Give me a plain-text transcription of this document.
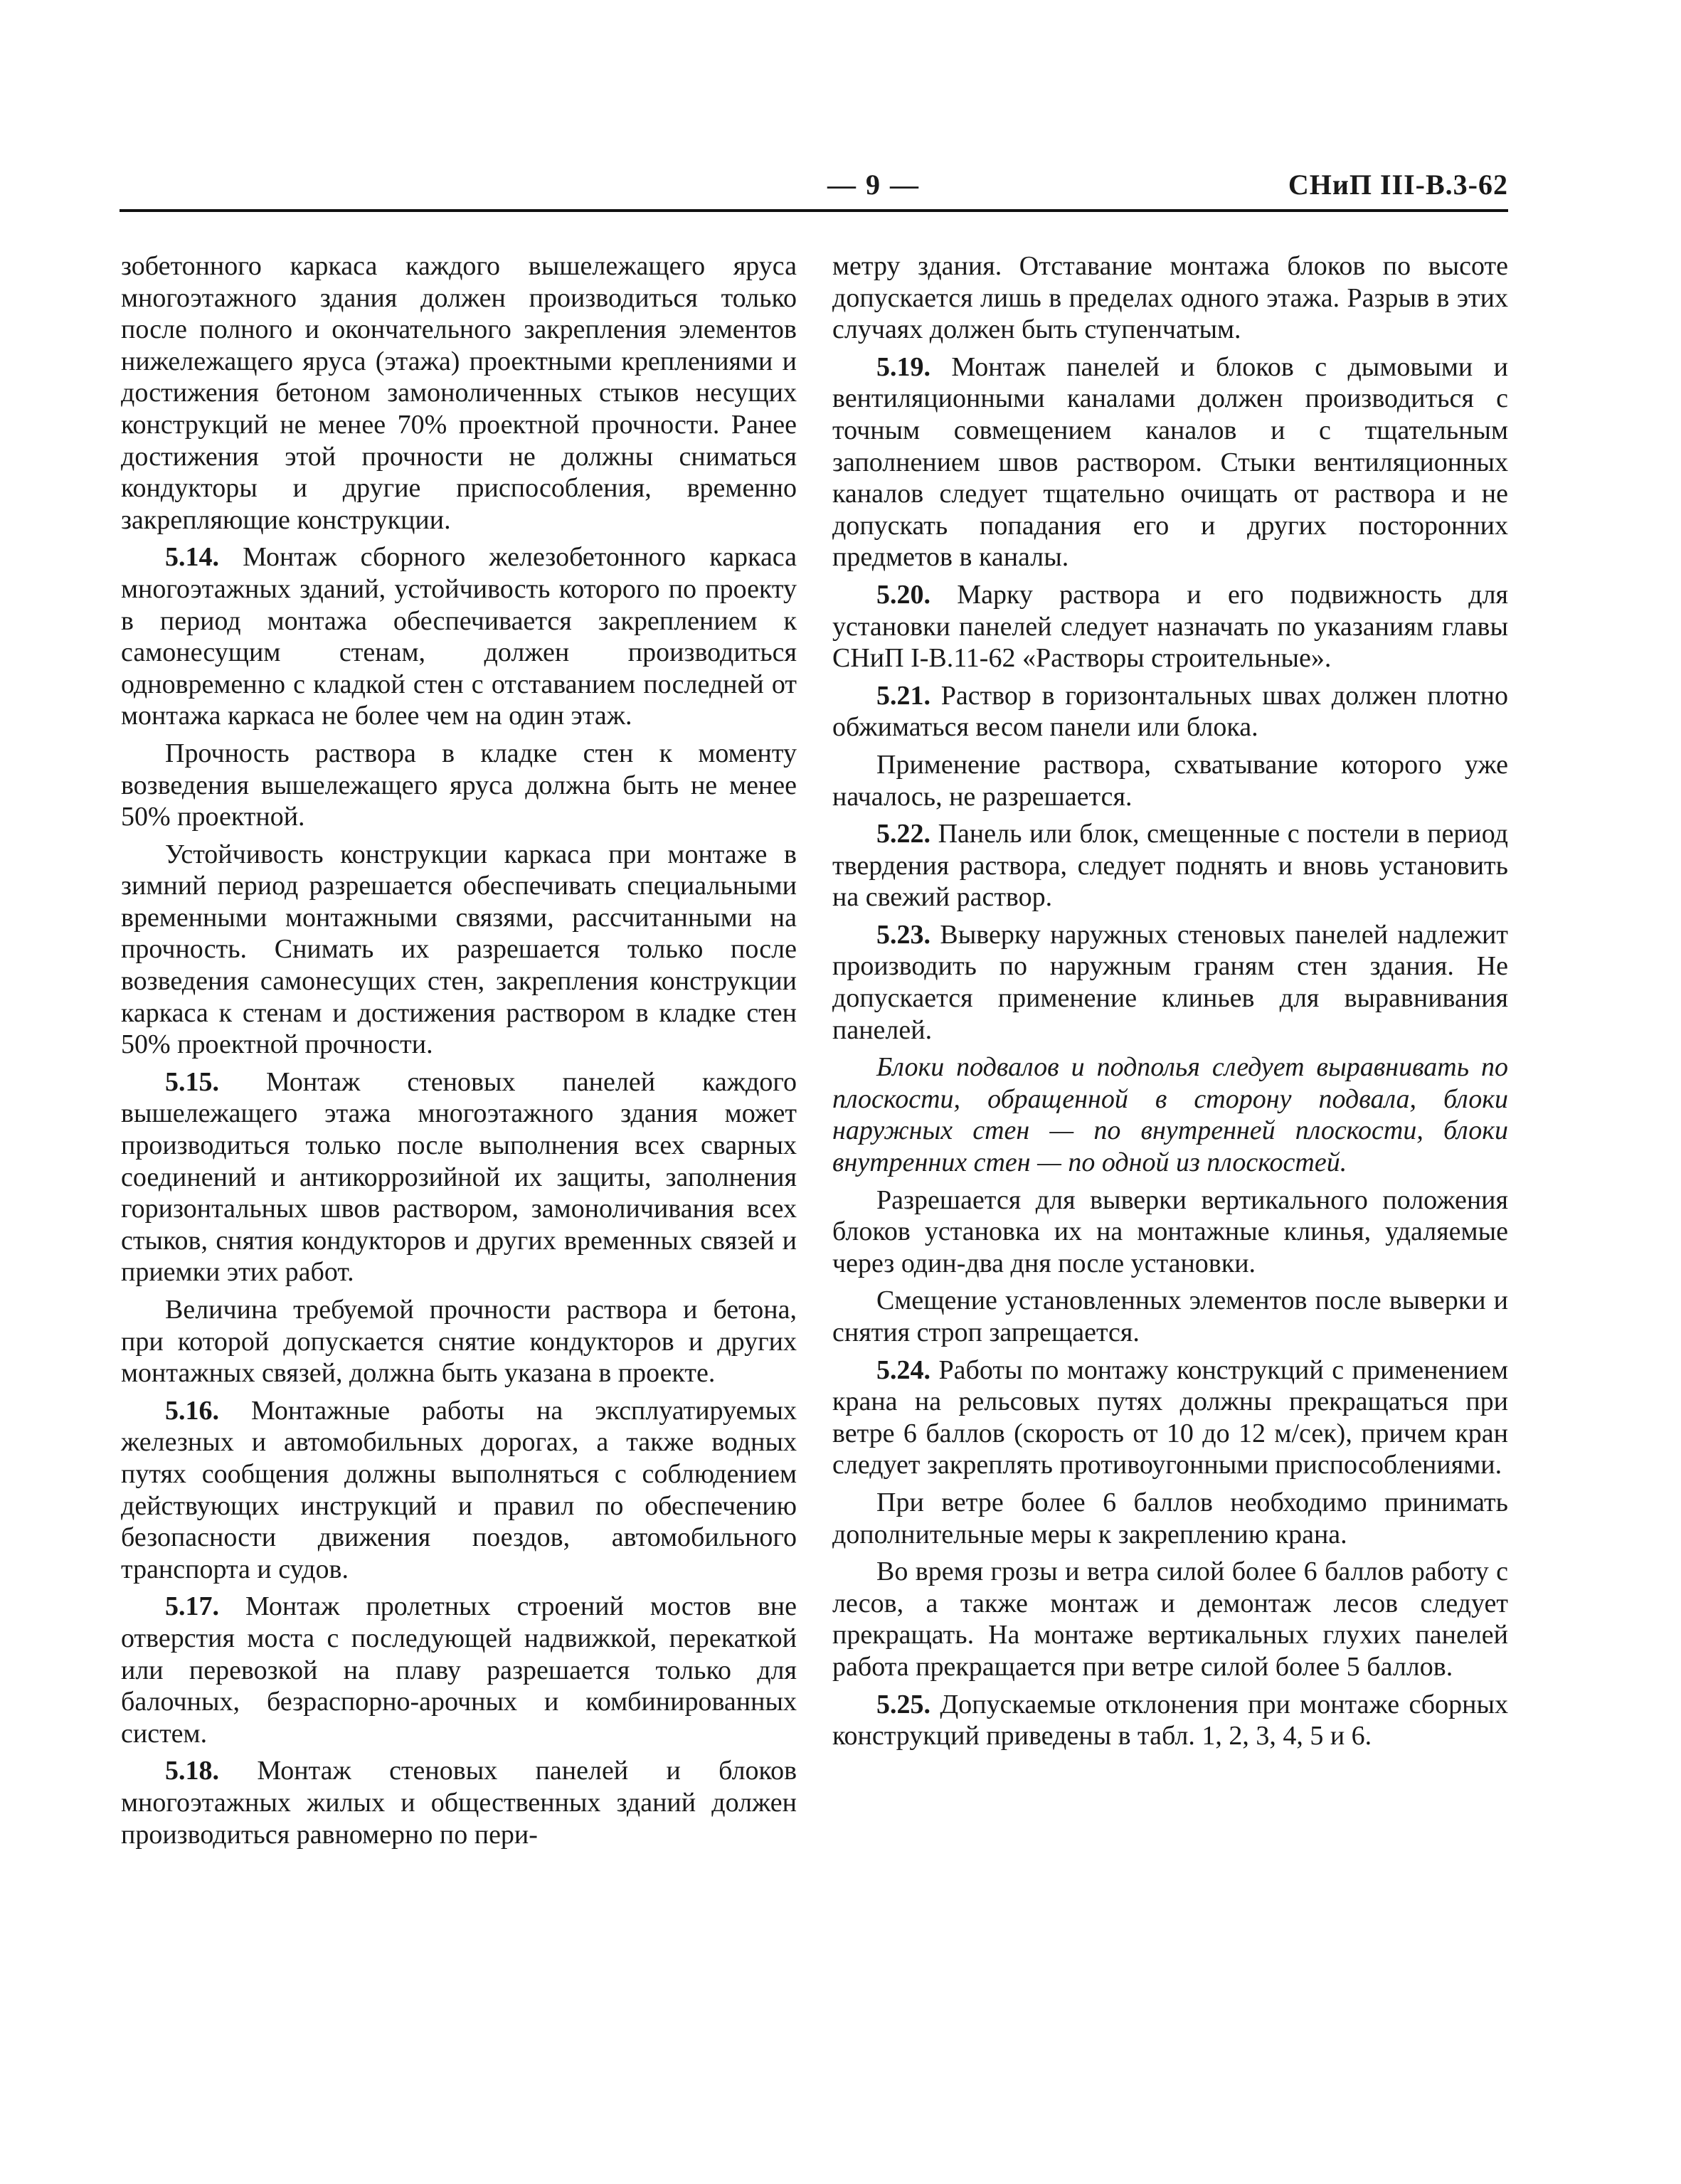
— 9 —	СНиП III-В.3-62

зобетонного каркаса каждого вышележащего яруса многоэтажного здания должен производиться только после полного и окончательного закрепления элементов нижележащего яруса (этажа) проектными креплениями и достижения бетоном замоноличенных стыков несущих конструкций не менее 70% проектной прочности. Ранее достижения этой прочности не должны сниматься кондукторы и другие приспособления, временно закрепляющие конструкции.

5.14. Монтаж сборного железобетонного каркаса многоэтажных зданий, устойчивость которого по проекту в период монтажа обеспечивается закреплением к самонесущим стенам, должен производиться одновременно с кладкой стен с отставанием последней от монтажа каркаса не более чем на один этаж.

Прочность раствора в кладке стен к моменту возведения вышележащего яруса должна быть не менее 50% проектной.

Устойчивость конструкции каркаса при монтаже в зимний период разрешается обеспечивать специальными временными монтажными связями, рассчитанными на прочность. Снимать их разрешается только после возведения самонесущих стен, закрепления конструкции каркаса к стенам и достижения раствором в кладке стен 50% проектной прочности.

5.15. Монтаж стеновых панелей каждого вышележащего этажа многоэтажного здания может производиться только после выполнения всех сварных соединений и антикоррозийной их защиты, заполнения горизонтальных швов раствором, замоноличивания всех стыков, снятия кондукторов и других временных связей и приемки этих работ.

Величина требуемой прочности раствора и бетона, при которой допускается снятие кондукторов и других монтажных связей, должна быть указана в проекте.

5.16. Монтажные работы на эксплуатируемых железных и автомобильных дорогах, а также водных путях сообщения должны выполняться с соблюдением действующих инструкций и правил по обеспечению безопасности движения поездов, автомобильного транспорта и судов.

5.17. Монтаж пролетных строений мостов вне отверстия моста с последующей надвижкой, перекаткой или перевозкой на плаву разрешается только для балочных, безраспорно-арочных и комбинированных систем.

5.18. Монтаж стеновых панелей и блоков многоэтажных жилых и общественных зданий должен производиться равномерно по пери-

метру здания. Отставание монтажа блоков по высоте допускается лишь в пределах одного этажа. Разрыв в этих случаях должен быть ступенчатым.

5.19. Монтаж панелей и блоков с дымовыми и вентиляционными каналами должен производиться с точным совмещением каналов и с тщательным заполнением швов раствором. Стыки вентиляционных каналов следует тщательно очищать от раствора и не допускать попадания его и других посторонних предметов в каналы.

5.20. Марку раствора и его подвижность для установки панелей следует назначать по указаниям главы СНиП I-В.11-62 «Растворы строительные».

5.21. Раствор в горизонтальных швах должен плотно обжиматься весом панели или блока.

Применение раствора, схватывание которого уже началось, не разрешается.

5.22. Панель или блок, смещенные с постели в период твердения раствора, следует поднять и вновь установить на свежий раствор.

5.23. Выверку наружных стеновых панелей надлежит производить по наружным граням стен здания. Не допускается применение клиньев для выравнивания панелей.

Блоки подвалов и подполья следует выравнивать по плоскости, обращенной в сторону подвала, блоки наружных стен — по внутренней плоскости, блоки внутренних стен — по одной из плоскостей.

Разрешается для выверки вертикального положения блоков установка их на монтажные клинья, удаляемые через один-два дня после установки.

Смещение установленных элементов после выверки и снятия строп запрещается.

5.24. Работы по монтажу конструкций с применением крана на рельсовых путях должны прекращаться при ветре 6 баллов (скорость от 10 до 12 м/сек), причем кран следует закреплять противоугонными приспособлениями.

При ветре более 6 баллов необходимо принимать дополнительные меры к закреплению крана.

Во время грозы и ветра силой более 6 баллов работу с лесов, а также монтаж и демонтаж лесов следует прекращать. На монтаже вертикальных глухих панелей работа прекращается при ветре силой более 5 баллов.

5.25. Допускаемые отклонения при монтаже сборных конструкций приведены в табл. 1, 2, 3, 4, 5 и 6.
